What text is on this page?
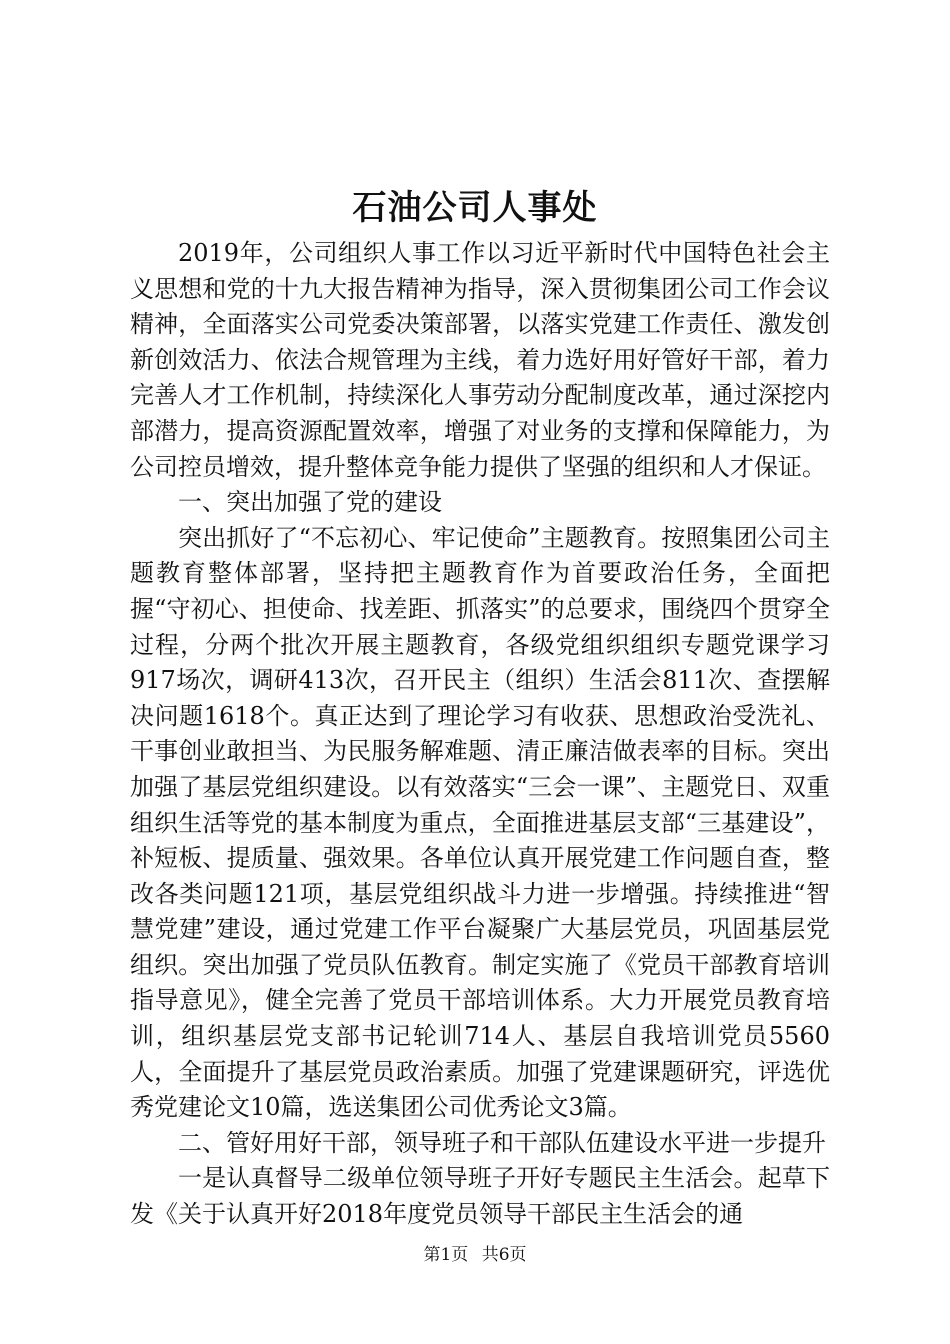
石油公司人事处

2019年，公司组织人事工作以习近平新时代中国特色社会主义思想和党的十九大报告精神为指导，深入贯彻集团公司工作会议精神，全面落实公司党委决策部署，以落实党建工作责任、激发创新创效活力、依法合规管理为主线，着力选好用好管好干部，着力完善人才工作机制，持续深化人事劳动分配制度改革，通过深挖内部潜力，提高资源配置效率，增强了对业务的支撑和保障能力，为公司控员增效，提升整体竞争能力提供了坚强的组织和人才保证。

一、突出加强了党的建设

突出抓好了“不忘初心、牢记使命”主题教育。按照集团公司主题教育整体部署，坚持把主题教育作为首要政治任务，全面把握“守初心、担使命、找差距、抓落实”的总要求，围绕四个贯穿全过程，分两个批次开展主题教育，各级党组织组织专题党课学习917场次，调研413次，召开民主（组织）生活会811次、查摆解决问题1618个。真正达到了理论学习有收获、思想政治受洗礼、干事创业敢担当、为民服务解难题、清正廉洁做表率的目标。突出加强了基层党组织建设。以有效落实“三会一课”、主题党日、双重组织生活等党的基本制度为重点，全面推进基层支部“三基建设”，补短板、提质量、强效果。各单位认真开展党建工作问题自查，整改各类问题121项，基层党组织战斗力进一步增强。持续推进“智慧党建”建设，通过党建工作平台凝聚广大基层党员，巩固基层党组织。突出加强了党员队伍教育。制定实施了《党员干部教育培训指导意见》，健全完善了党员干部培训体系。大力开展党员教育培训，组织基层党支部书记轮训714人、基层自我培训党员5560人，全面提升了基层党员政治素质。加强了党建课题研究，评选优秀党建论文10篇，选送集团公司优秀论文3篇。

二、管好用好干部，领导班子和干部队伍建设水平进一步提升

一是认真督导二级单位领导班子开好专题民主生活会。起草下发《关于认真开好2018年度党员领导干部民主生活会的通

第1页 共6页
